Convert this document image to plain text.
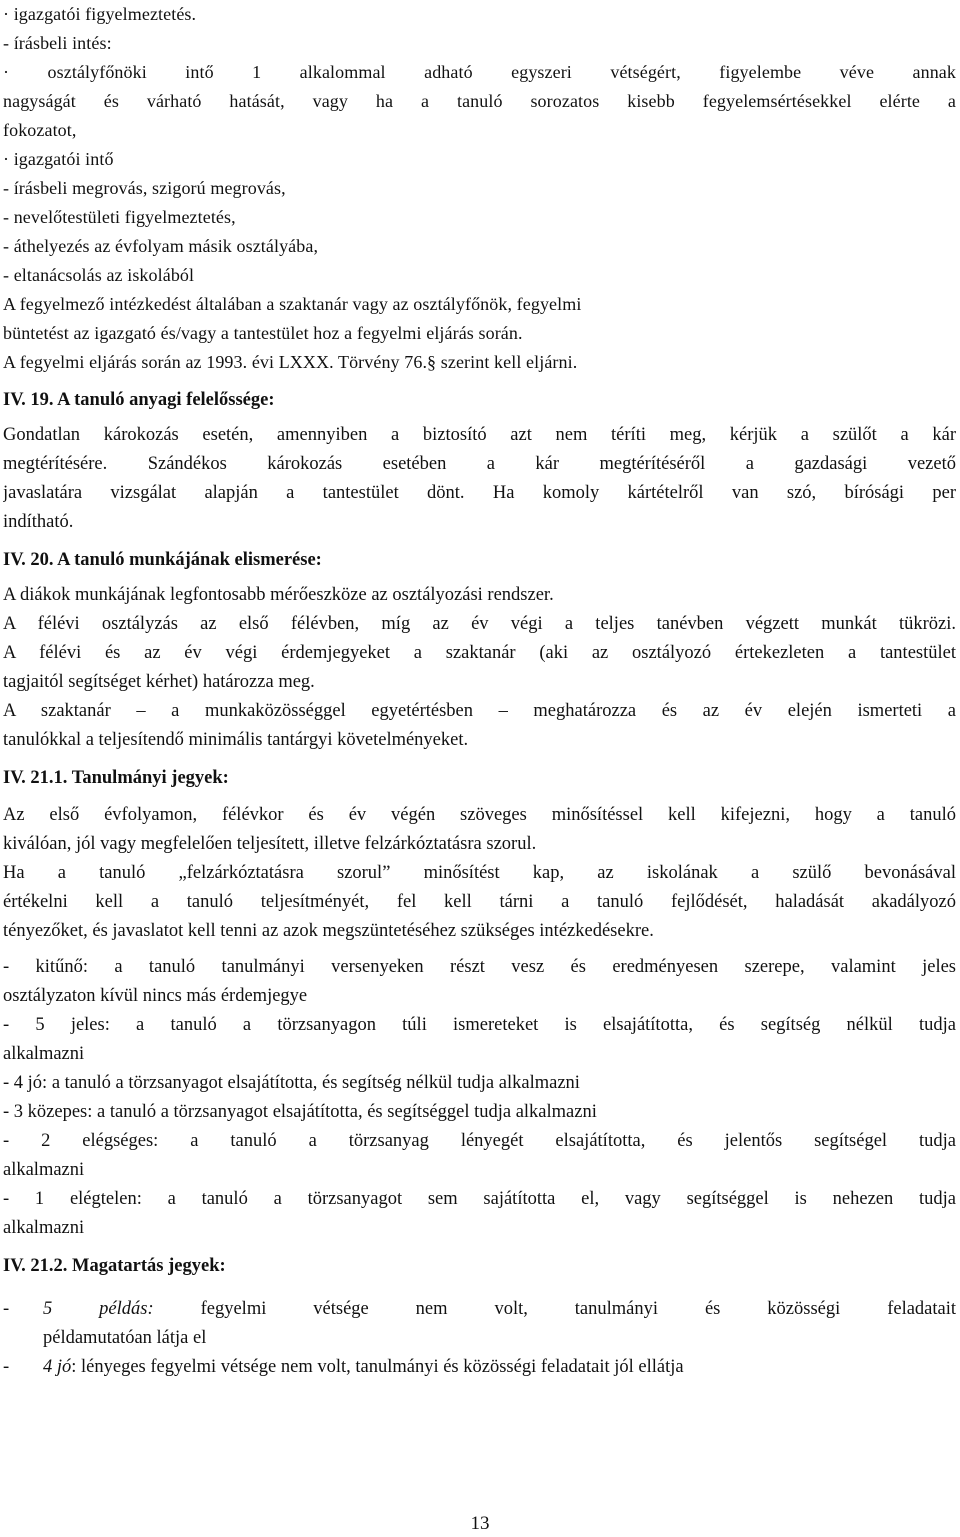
· igazgatói figyelmeztetés.
- írásbeli intés:
· osztályfőnöki intő 1 alkalommal adható egyszeri vétségért, figyelembe véve annak
nagyságát és várható hatását, vagy ha a tanuló sorozatos kisebb fegyelemsértésekkel elérte a
fokozatot,
· igazgatói intő
- írásbeli megrovás, szigorú megrovás,
- nevelőtestületi figyelmeztetés,
- áthelyezés az évfolyam másik osztályába,
- eltanácsolás az iskolából
A fegyelmező intézkedést általában a szaktanár vagy az osztályfőnök, fegyelmi
büntetést az igazgató és/vagy a tantestület hoz a fegyelmi eljárás során.
A fegyelmi eljárás során az 1993. évi LXXX. Törvény 76.§ szerint kell eljárni.
IV. 19. A tanuló anyagi felelőssége:
Gondatlan károkozás esetén, amennyiben a biztosító azt nem téríti meg, kérjük a szülőt a kár
megtérítésére. Szándékos károkozás esetében a kár megtérítéséről a gazdasági vezető
javaslatára vizsgálat alapján a tantestület dönt. Ha komoly kártételről van szó, bírósági per
indítható.
IV. 20. A tanuló munkájának elismerése:
A diákok munkájának legfontosabb mérőeszköze az osztályozási rendszer.
A félévi osztályzás az első félévben, míg az év végi a teljes tanévben végzett munkát tükrözi.
A félévi és az év végi érdemjegyeket a szaktanár (aki az osztályozó értekezleten a tantestület
tagjaitól segítséget kérhet) határozza meg.
A szaktanár – a munkaközösséggel egyetértésben – meghatározza és az év elején ismerteti a
tanulókkal a teljesítendő minimális tantárgyi követelményeket.
IV. 21.1. Tanulmányi jegyek:
Az első évfolyamon, félévkor és év végén szöveges minősítéssel kell kifejezni, hogy a tanuló
kiválóan, jól vagy megfelelően teljesített, illetve felzárkóztatásra szorul.
Ha a tanuló „felzárkóztatásra szorul” minősítést kap, az iskolának a szülő bevonásával
értékelni kell a tanuló teljesítményét, fel kell tárni a tanuló fejlődését, haladását akadályozó
tényezőket, és javaslatot kell tenni az azok megszüntetéséhez szükséges intézkedésekre.
- kitűnő: a tanuló tanulmányi versenyeken részt vesz és eredményesen szerepe, valamint jeles
osztályzaton kívül nincs más érdemjegye
- 5 jeles: a tanuló a törzsanyagon túli ismereteket is elsajátította, és segítség nélkül tudja
alkalmazni
- 4 jó: a tanuló a törzsanyagot elsajátította, és segítség nélkül tudja alkalmazni
- 3 közepes: a tanuló a törzsanyagot elsajátította, és segítséggel tudja alkalmazni
- 2 elégséges: a tanuló a törzsanyag lényegét elsajátította, és jelentős segítségel tudja
alkalmazni
- 1 elégtelen: a tanuló a törzsanyagot sem sajátította el, vagy segítséggel is nehezen tudja
alkalmazni
IV. 21.2. Magatartás jegyek:
-	5 példás:	fegyelmi vétsége nem volt, tanulmányi és közösségi feladatait
példamutatóan látja el
-	4 jó: lényeges fegyelmi vétsége nem volt, tanulmányi és közösségi feladatait jól ellátja
13
